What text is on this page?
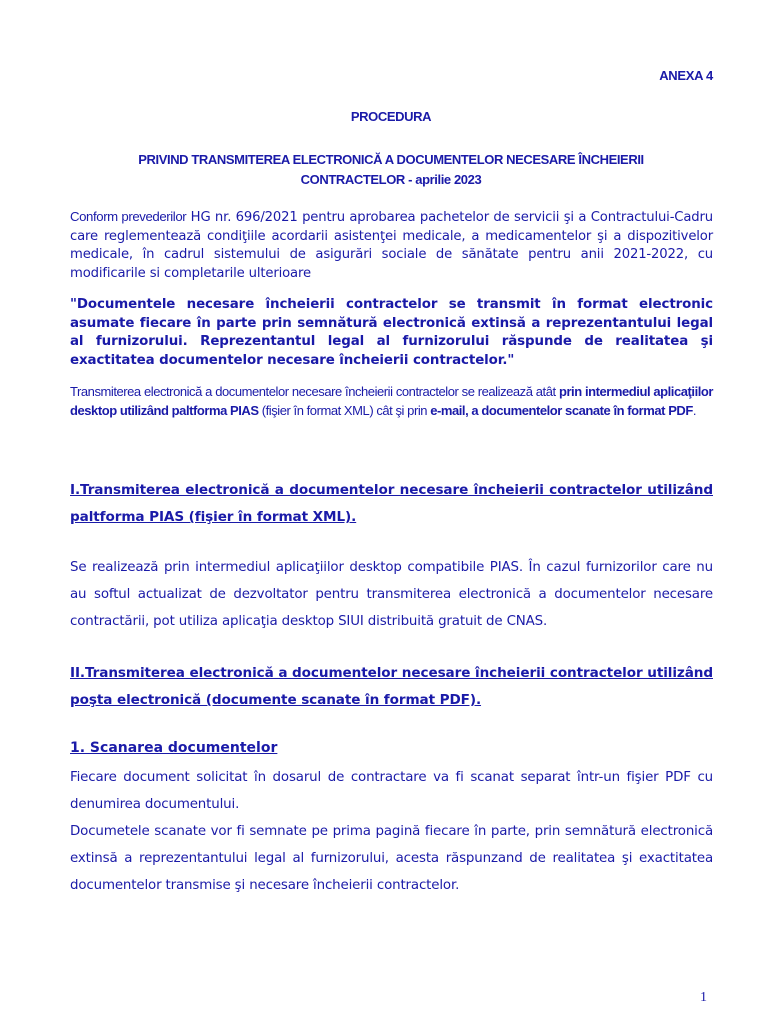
ANEXA 4
PROCEDURA
PRIVIND TRANSMITEREA ELECTRONICĂ A DOCUMENTELOR NECESARE ÎNCHEIERII
CONTRACTELOR - aprilie 2023
Conform prevederilor HG nr. 696/2021 pentru aprobarea pachetelor de servicii şi a Contractului-Cadru care reglementează condiţiile acordarii asistenţei medicale, a medicamentelor şi a dispozitivelor medicale, în cadrul sistemului de asigurări sociale de sănătate pentru anii 2021-2022, cu modificarile si completarile ulterioare
"Documentele necesare încheierii contractelor se transmit în format electronic asumate fiecare în parte prin semnătură electronică extinsă a reprezentantului legal al furnizorului. Reprezentantul legal al furnizorului răspunde de realitatea şi exactitatea documentelor necesare încheierii contractelor."
Transmiterea electronică a documentelor necesare încheierii contractelor se realizează atât prin intermediul aplicaţiilor desktop utilizând paltforma PIAS (fişier în format XML) cât şi prin e-mail, a documentelor scanate în format PDF.
I.Transmiterea electronică a documentelor necesare încheierii contractelor utilizând paltforma PIAS (fişier în format XML).
Se realizează prin intermediul aplicaţiilor desktop compatibile PIAS. În cazul furnizorilor care nu au softul actualizat de dezvoltator pentru transmiterea electronică a documentelor necesare contractării, pot utiliza aplicaţia desktop SIUI distribuită gratuit de CNAS.
II.Transmiterea electronică a documentelor necesare încheierii contractelor utilizând poşta electronică (documente scanate în format PDF).
1. Scanarea documentelor
Fiecare document solicitat în dosarul de contractare va fi scanat separat într-un fişier PDF cu denumirea documentului.
Documetele scanate vor fi semnate pe prima pagină fiecare în parte, prin semnătură electronică extinsă a reprezentantului legal al furnizorului, acesta răspunzand de realitatea şi exactitatea documentelor transmise şi necesare încheierii contractelor.
1
